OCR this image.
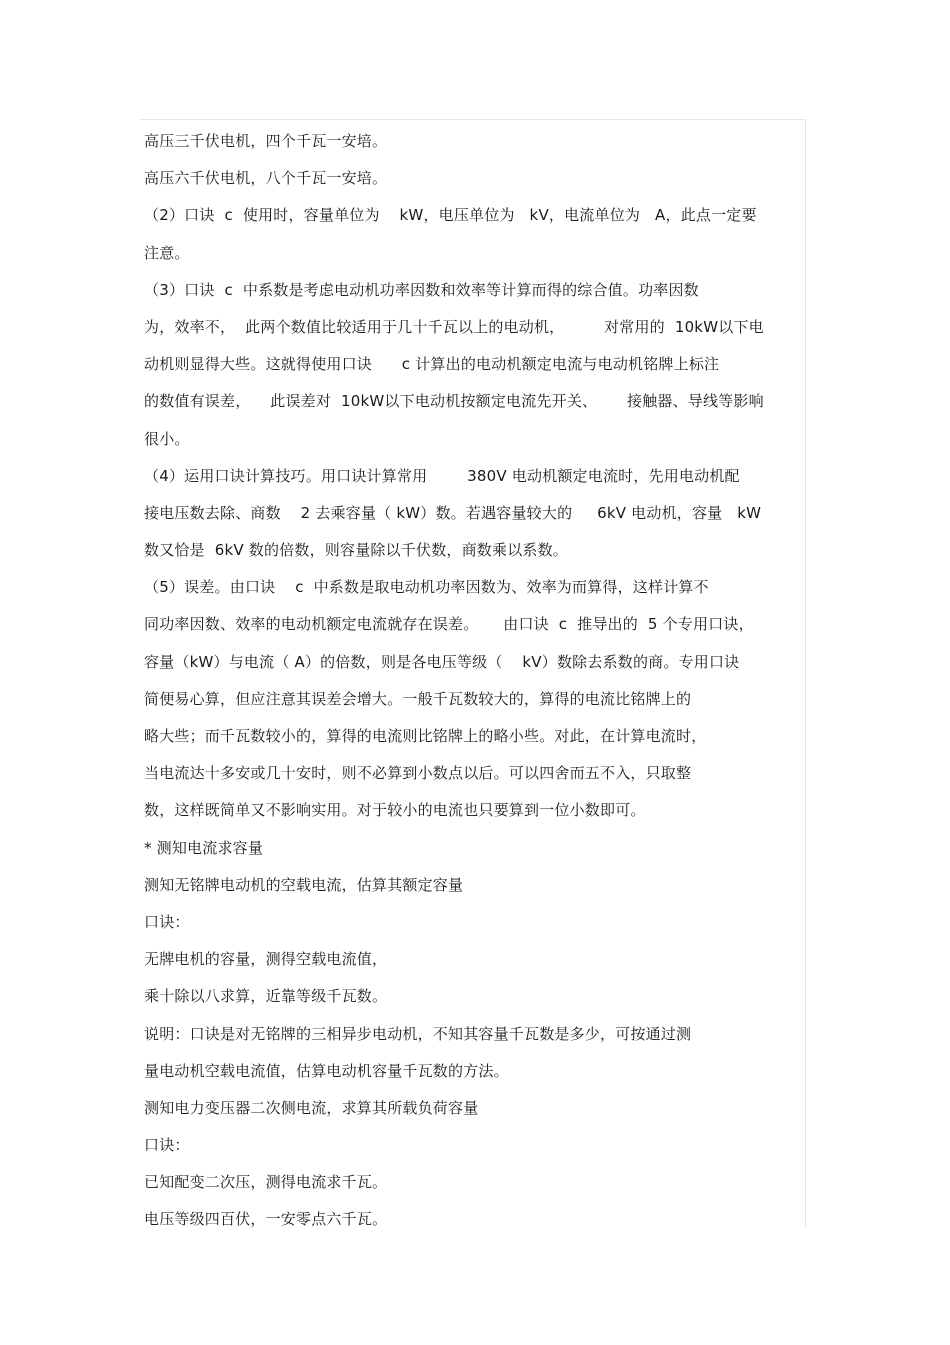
高压三千伏电机，四个千瓦一安培。
高压六千伏电机，八个千瓦一安培。
（2）口诀  c  使用时，容量单位为    kW，电压单位为   kV，电流单位为   A，此点一定要
注意。
（3）口诀  c  中系数是考虑电动机功率因数和效率等计算而得的综合值。功率因数
为，效率不，  此两个数值比较适用于几十千瓦以上的电动机，        对常用的  10kW以下电
动机则显得大些。这就得使用口诀      c 计算出的电动机额定电流与电动机铭牌上标注
的数值有误差，    此误差对  10kW以下电动机按额定电流先开关、      接触器、导线等影响
很小。
（4）运用口诀计算技巧。用口诀计算常用        380V 电动机额定电流时，先用电动机配
接电压数去除、商数    2 去乘容量（ kW）数。若遇容量较大的     6kV 电动机，容量   kW
数又恰是  6kV 数的倍数，则容量除以千伏数，商数乘以系数。
（5）误差。由口诀    c  中系数是取电动机功率因数为、效率为而算得，这样计算不
同功率因数、效率的电动机额定电流就存在误差。     由口诀  c  推导出的  5 个专用口诀，
容量（kW）与电流（ A）的倍数，则是各电压等级（    kV）数除去系数的商。专用口诀
简便易心算，但应注意其误差会增大。一般千瓦数较大的，算得的电流比铭牌上的
略大些；而千瓦数较小的，算得的电流则比铭牌上的略小些。对此，在计算电流时，
当电流达十多安或几十安时，则不必算到小数点以后。可以四舍而五不入，只取整
数，这样既简单又不影响实用。对于较小的电流也只要算到一位小数即可。
* 测知电流求容量
测知无铭牌电动机的空载电流，估算其额定容量
口诀：
无牌电机的容量，测得空载电流值，
乘十除以八求算，近靠等级千瓦数。
说明：口诀是对无铭牌的三相异步电动机，不知其容量千瓦数是多少，可按通过测
量电动机空载电流值，估算电动机容量千瓦数的方法。
测知电力变压器二次侧电流，求算其所载负荷容量
口诀：
已知配变二次压，测得电流求千瓦。
电压等级四百伏，一安零点六千瓦。
